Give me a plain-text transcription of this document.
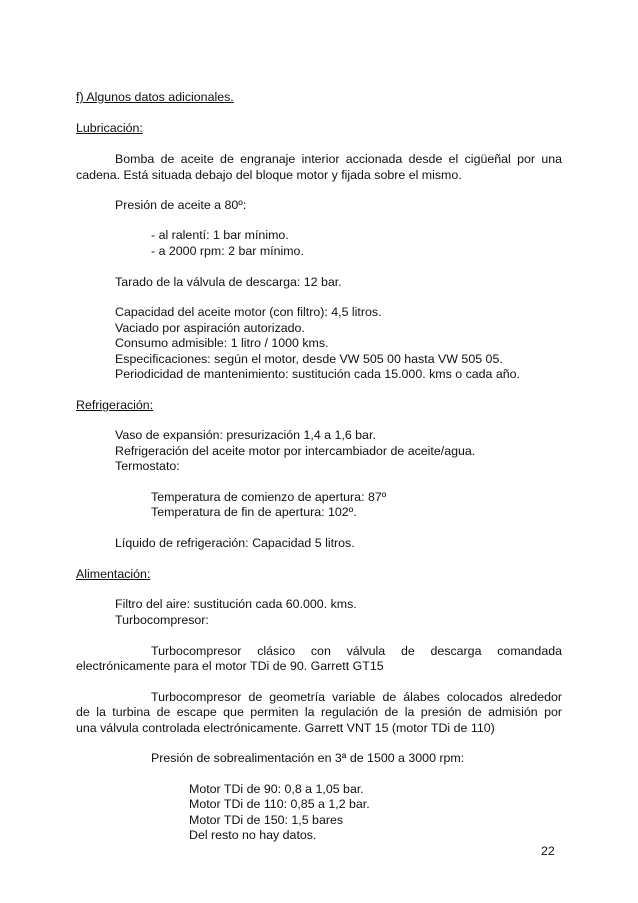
f) Algunos datos adicionales.
Lubricación:
Bomba de aceite de engranaje interior accionada desde el cigüeñal por una
cadena. Está situada debajo del bloque motor y fijada sobre el mismo.
Presión de aceite a 80º:
- al ralentí: 1 bar mínimo.
- a 2000 rpm: 2 bar mínimo.
Tarado de la válvula de descarga: 12 bar.
Capacidad del aceite motor (con filtro): 4,5 litros.
Vaciado por aspiración autorizado.
Consumo admisible: 1 litro / 1000 kms.
Especificaciones: según el motor, desde VW 505 00 hasta VW 505 05.
Periodicidad de mantenimiento: sustitución cada 15.000. kms o cada año.
Refrigeración:
Vaso de expansión: presurización 1,4 a 1,6 bar.
Refrigeración del aceite motor por intercambiador de aceite/agua.
Termostato:
Temperatura de comienzo de apertura: 87º
Temperatura de fin de apertura: 102º.
Líquido de refrigeración: Capacidad 5 litros.
Alimentación:
Filtro del aire: sustitución cada 60.000. kms.
Turbocompresor:
Turbocompresor clásico con válvula de descarga comandada
electrónicamente para el motor TDi de 90. Garrett GT15
Turbocompresor de geometría variable de álabes colocados alrededor
de la turbina de escape que permiten la regulación de la presión de admisión por
una válvula controlada electrónicamente. Garrett VNT 15 (motor TDi de 110)
Presión de sobrealimentación en 3ª de 1500 a 3000 rpm:
Motor TDi de 90: 0,8 a 1,05 bar.
Motor TDi de 110: 0,85 a 1,2 bar.
Motor TDi de 150: 1,5 bares
Del resto no hay datos.
22
